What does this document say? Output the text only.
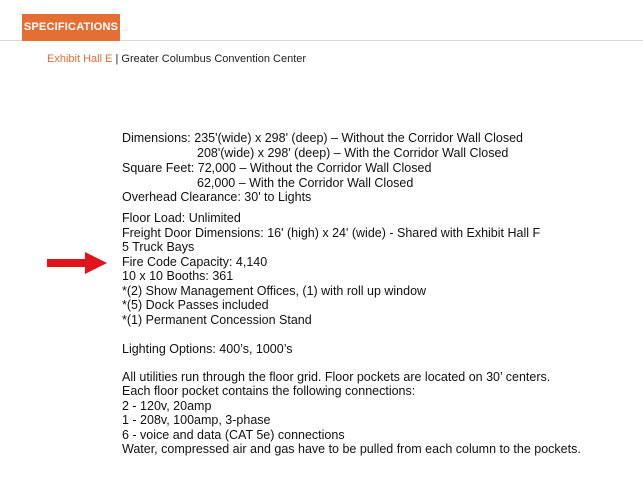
SPECIFICATIONS
Exhibit Hall E | Greater Columbus Convention Center
Dimensions: 235'(wide) x 298' (deep) – Without the Corridor Wall Closed
208'(wide) x 298' (deep) – With the Corridor Wall Closed
Square Feet: 72,000 – Without the Corridor Wall Closed
62,000 – With the Corridor Wall Closed
Overhead Clearance: 30' to Lights
Floor Load: Unlimited
Freight Door Dimensions: 16' (high) x 24' (wide) - Shared with Exhibit Hall F
5 Truck Bays
Fire Code Capacity: 4,140
10 x 10 Booths: 361
*(2) Show Management Offices, (1) with roll up window
*(5) Dock Passes included
*(1) Permanent Concession Stand
Lighting Options: 400’s, 1000’s
All utilities run through the floor grid. Floor pockets are located on 30’ centers.
Each floor pocket contains the following connections:
2 - 120v, 20amp
1 - 208v, 100amp, 3-phase
6 - voice and data (CAT 5e) connections
Water, compressed air and gas have to be pulled from each column to the pockets.
